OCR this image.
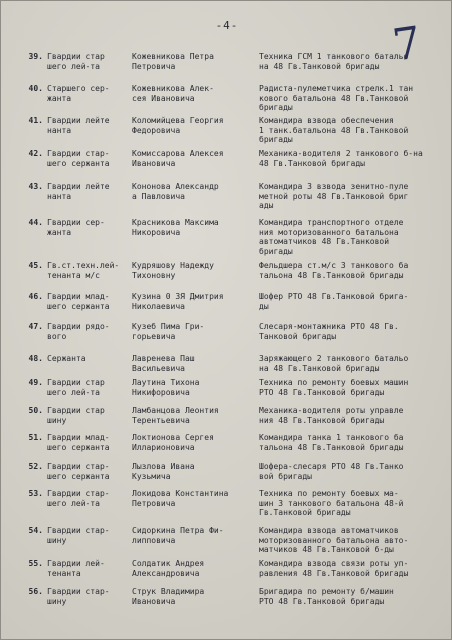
-4-	7
39. Гвардии стар
шего лей-та
Кожевникова Петра
Петровича
Техника ГСМ 1 танкового батальо
на 48 Гв.Танковой бригады
40. Старшего сер-
жанта
Кожевникова Алек-
сея Ивановича
Радиста-пулеметчика стрелк.1 тан
кового батальона 48 Гв.Танковой
бригады
41. Гвардии лейте
нанта
Коломийцева Георгия
Федоровича
Командира взвода обеспечения
1 танк.батальона 48 Гв.Танковой
бригады
42. Гвардии стар-
шего сержанта
Комиссарова Алексея
Ивановича
Механика-водителя 2 танкового б-на
48 Гв.Танковой бригады
43. Гвардии лейте
нанта
Кононова Александр
а Павловича
Командира 3 взвода зенитно-пуле
метной роты 48 Гв.Танковой бриг
ады
44. Гвардии сер-
жанта
Красникова Максима
Никоровича
Командира транспортного отделе
ния моторизованного батальона
автоматчиков 48 Гв.Танковой
бригады
45. Гв.ст.техн.лей-
тенанта м/с
Кудряшову Надежду
Тихоновну
Фельдшера ст.м/с 3 танкового ба
тальона 48 Гв.Танковой бригады
46. Гвардии млад-
шего сержанта
Кузина 0 ЗЯ Дмитрия
Николаевича
Шофер РТО 48 Гв.Танковой брига-
ды
47. Гвардии рядо-
вого
Кузеб Пима Гри-
горьевича
Слесаря-монтажника РТО 48 Гв.
Танковой бригады
48. Сержанта	Лавренева Паш
Васильевича
Заряжающего 2 танкового батальо
на 48 Гв.Танковой бригады
49. Гвардии стар
шего лей-та
Лаутина Тихона
Никифоровича
Техника по ремонту боевых машин
РТО 48 Гв.Танковой бригады
50. Гвардии стар
шину
Ламбанцова Леонтия
Терентьевича
Механика-водителя роты управле
ния 48 Гв.Танковой бригады
51. Гвардии млад-
шего сержанта
Локтионова Сергея
Илларионовича
Командира танка 1 танкового ба
тальона 48 Гв.Танковой бригады
52. Гвардии стар-
шего сержанта
Лызлова Ивана
Кузьмича
Шофера-слесаря РТО 48 Гв.Танко
вой бригады
53. Гвардии стар-
шего лей-та
Локидова Константина
Петровича
Техника по ремонту боевых ма-
шин 3 танкового батальона 48-й
Гв.Танковой бригады
54. Гвардии стар-
шину
Сидоркина Петра Фи-
липповича
Командира взвода автоматчиков
моторизованного батальона авто-
матчиков 48 Гв.Танковой б-ды
55. Гвардии лей-
тенанта
Солдатик Андрея
Александровича
Командира взвода связи роты уп-
равления 48 Гв.Танковой бригады
56. Гвардии стар-
шину
Струк Владимира
Ивановича
Бригадира по ремонту б/машин
РТО 48 Гв.Танковой бригады
